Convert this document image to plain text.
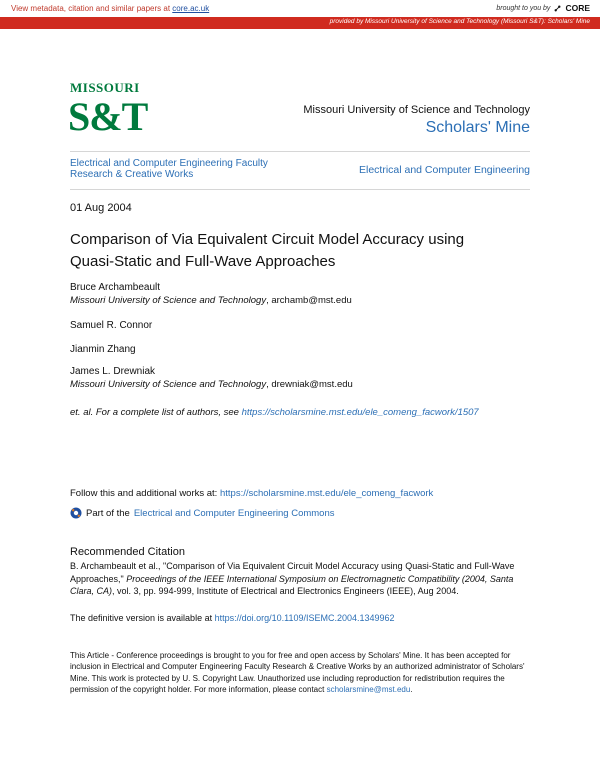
View metadata, citation and similar papers at core.ac.uk	brought to you by CORE
provided by Missouri University of Science and Technology (Missouri S&T): Scholars' Mine
MISSOURI
S&T	Missouri University of Science and Technology
Scholars' Mine
Electrical and Computer Engineering Faculty
Research & Creative Works	Electrical and Computer Engineering
01 Aug 2004
Comparison of Via Equivalent Circuit Model Accuracy using
Quasi-Static and Full-Wave Approaches
Bruce Archambeault
Missouri University of Science and Technology, archamb@mst.edu
Samuel R. Connor
Jianmin Zhang
James L. Drewniak
Missouri University of Science and Technology, drewniak@mst.edu
et. al. For a complete list of authors, see https://scholarsmine.mst.edu/ele_comeng_facwork/1507
Follow this and additional works at: https://scholarsmine.mst.edu/ele_comeng_facwork
Part of the Electrical and Computer Engineering Commons
Recommended Citation
B. Archambeault et al., "Comparison of Via Equivalent Circuit Model Accuracy using Quasi-Static and Full-Wave Approaches," Proceedings of the IEEE International Symposium on Electromagnetic Compatibility (2004, Santa Clara, CA), vol. 3, pp. 994-999, Institute of Electrical and Electronics Engineers (IEEE), Aug 2004.
The definitive version is available at https://doi.org/10.1109/ISEMC.2004.1349962
This Article - Conference proceedings is brought to you for free and open access by Scholars' Mine. It has been accepted for inclusion in Electrical and Computer Engineering Faculty Research & Creative Works by an authorized administrator of Scholars' Mine. This work is protected by U. S. Copyright Law. Unauthorized use including reproduction for redistribution requires the permission of the copyright holder. For more information, please contact scholarsmine@mst.edu.
